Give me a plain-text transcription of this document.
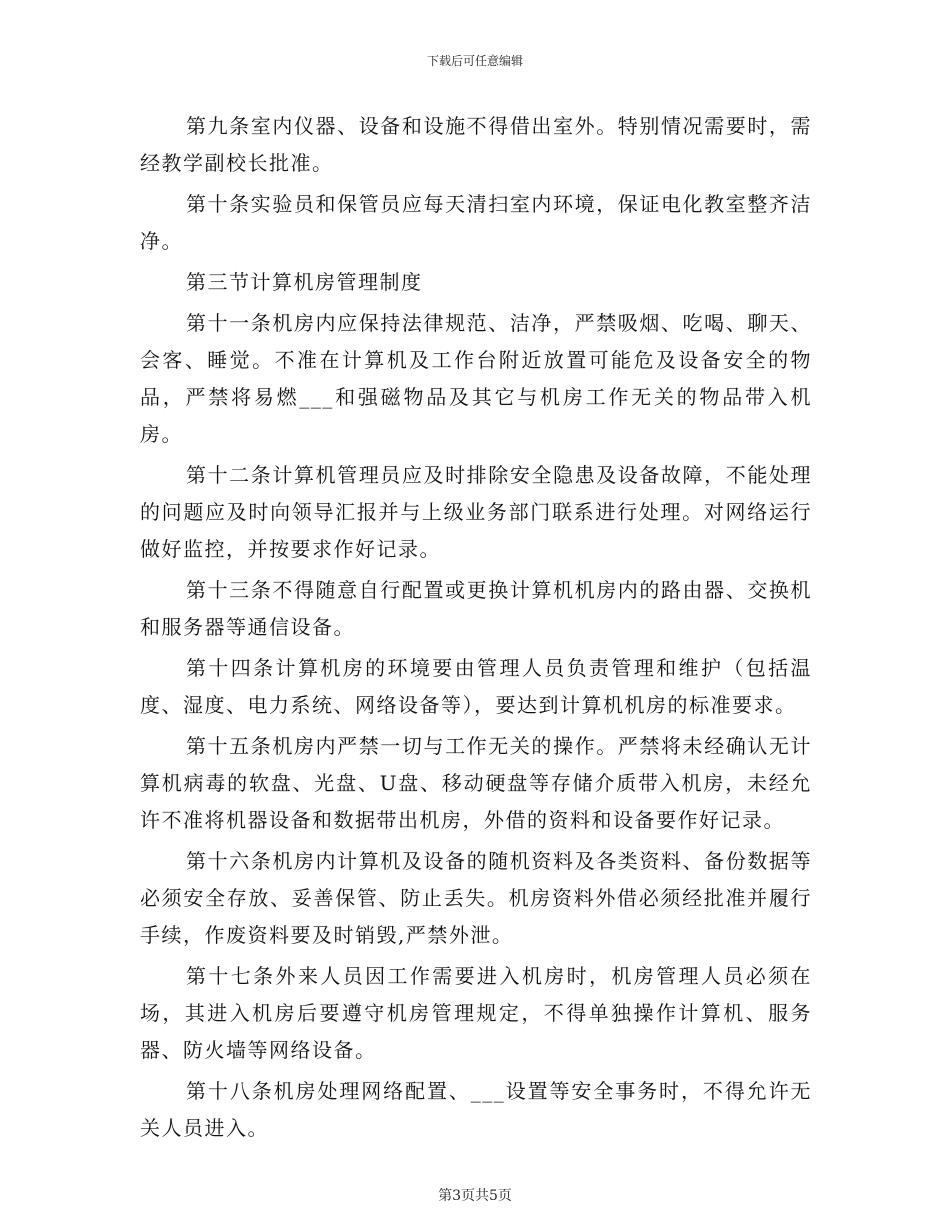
下载后可任意编辑

第九条室内仪器、设备和设施不得借出室外。特别情况需要时，需经教学副校长批准。

第十条实验员和保管员应每天清扫室内环境，保证电化教室整齐洁净。

第三节计算机房管理制度

第十一条机房内应保持法律规范、洁净，严禁吸烟、吃喝、聊天、会客、睡觉。不准在计算机及工作台附近放置可能危及设备安全的物品，严禁将易燃___和强磁物品及其它与机房工作无关的物品带入机房。

第十二条计算机管理员应及时排除安全隐患及设备故障，不能处理的问题应及时向领导汇报并与上级业务部门联系进行处理。对网络运行做好监控，并按要求作好记录。

第十三条不得随意自行配置或更换计算机机房内的路由器、交换机和服务器等通信设备。

第十四条计算机房的环境要由管理人员负责管理和维护（包括温度、湿度、电力系统、网络设备等），要达到计算机机房的标准要求。

第十五条机房内严禁一切与工作无关的操作。严禁将未经确认无计算机病毒的软盘、光盘、U盘、移动硬盘等存储介质带入机房，未经允许不准将机器设备和数据带出机房，外借的资料和设备要作好记录。

第十六条机房内计算机及设备的随机资料及各类资料、备份数据等必须安全存放、妥善保管、防止丢失。机房资料外借必须经批准并履行手续，作废资料要及时销毁,严禁外泄。

第十七条外来人员因工作需要进入机房时，机房管理人员必须在场，其进入机房后要遵守机房管理规定，不得单独操作计算机、服务器、防火墙等网络设备。

第十八条机房处理网络配置、___设置等安全事务时，不得允许无关人员进入。

第3页共5页
